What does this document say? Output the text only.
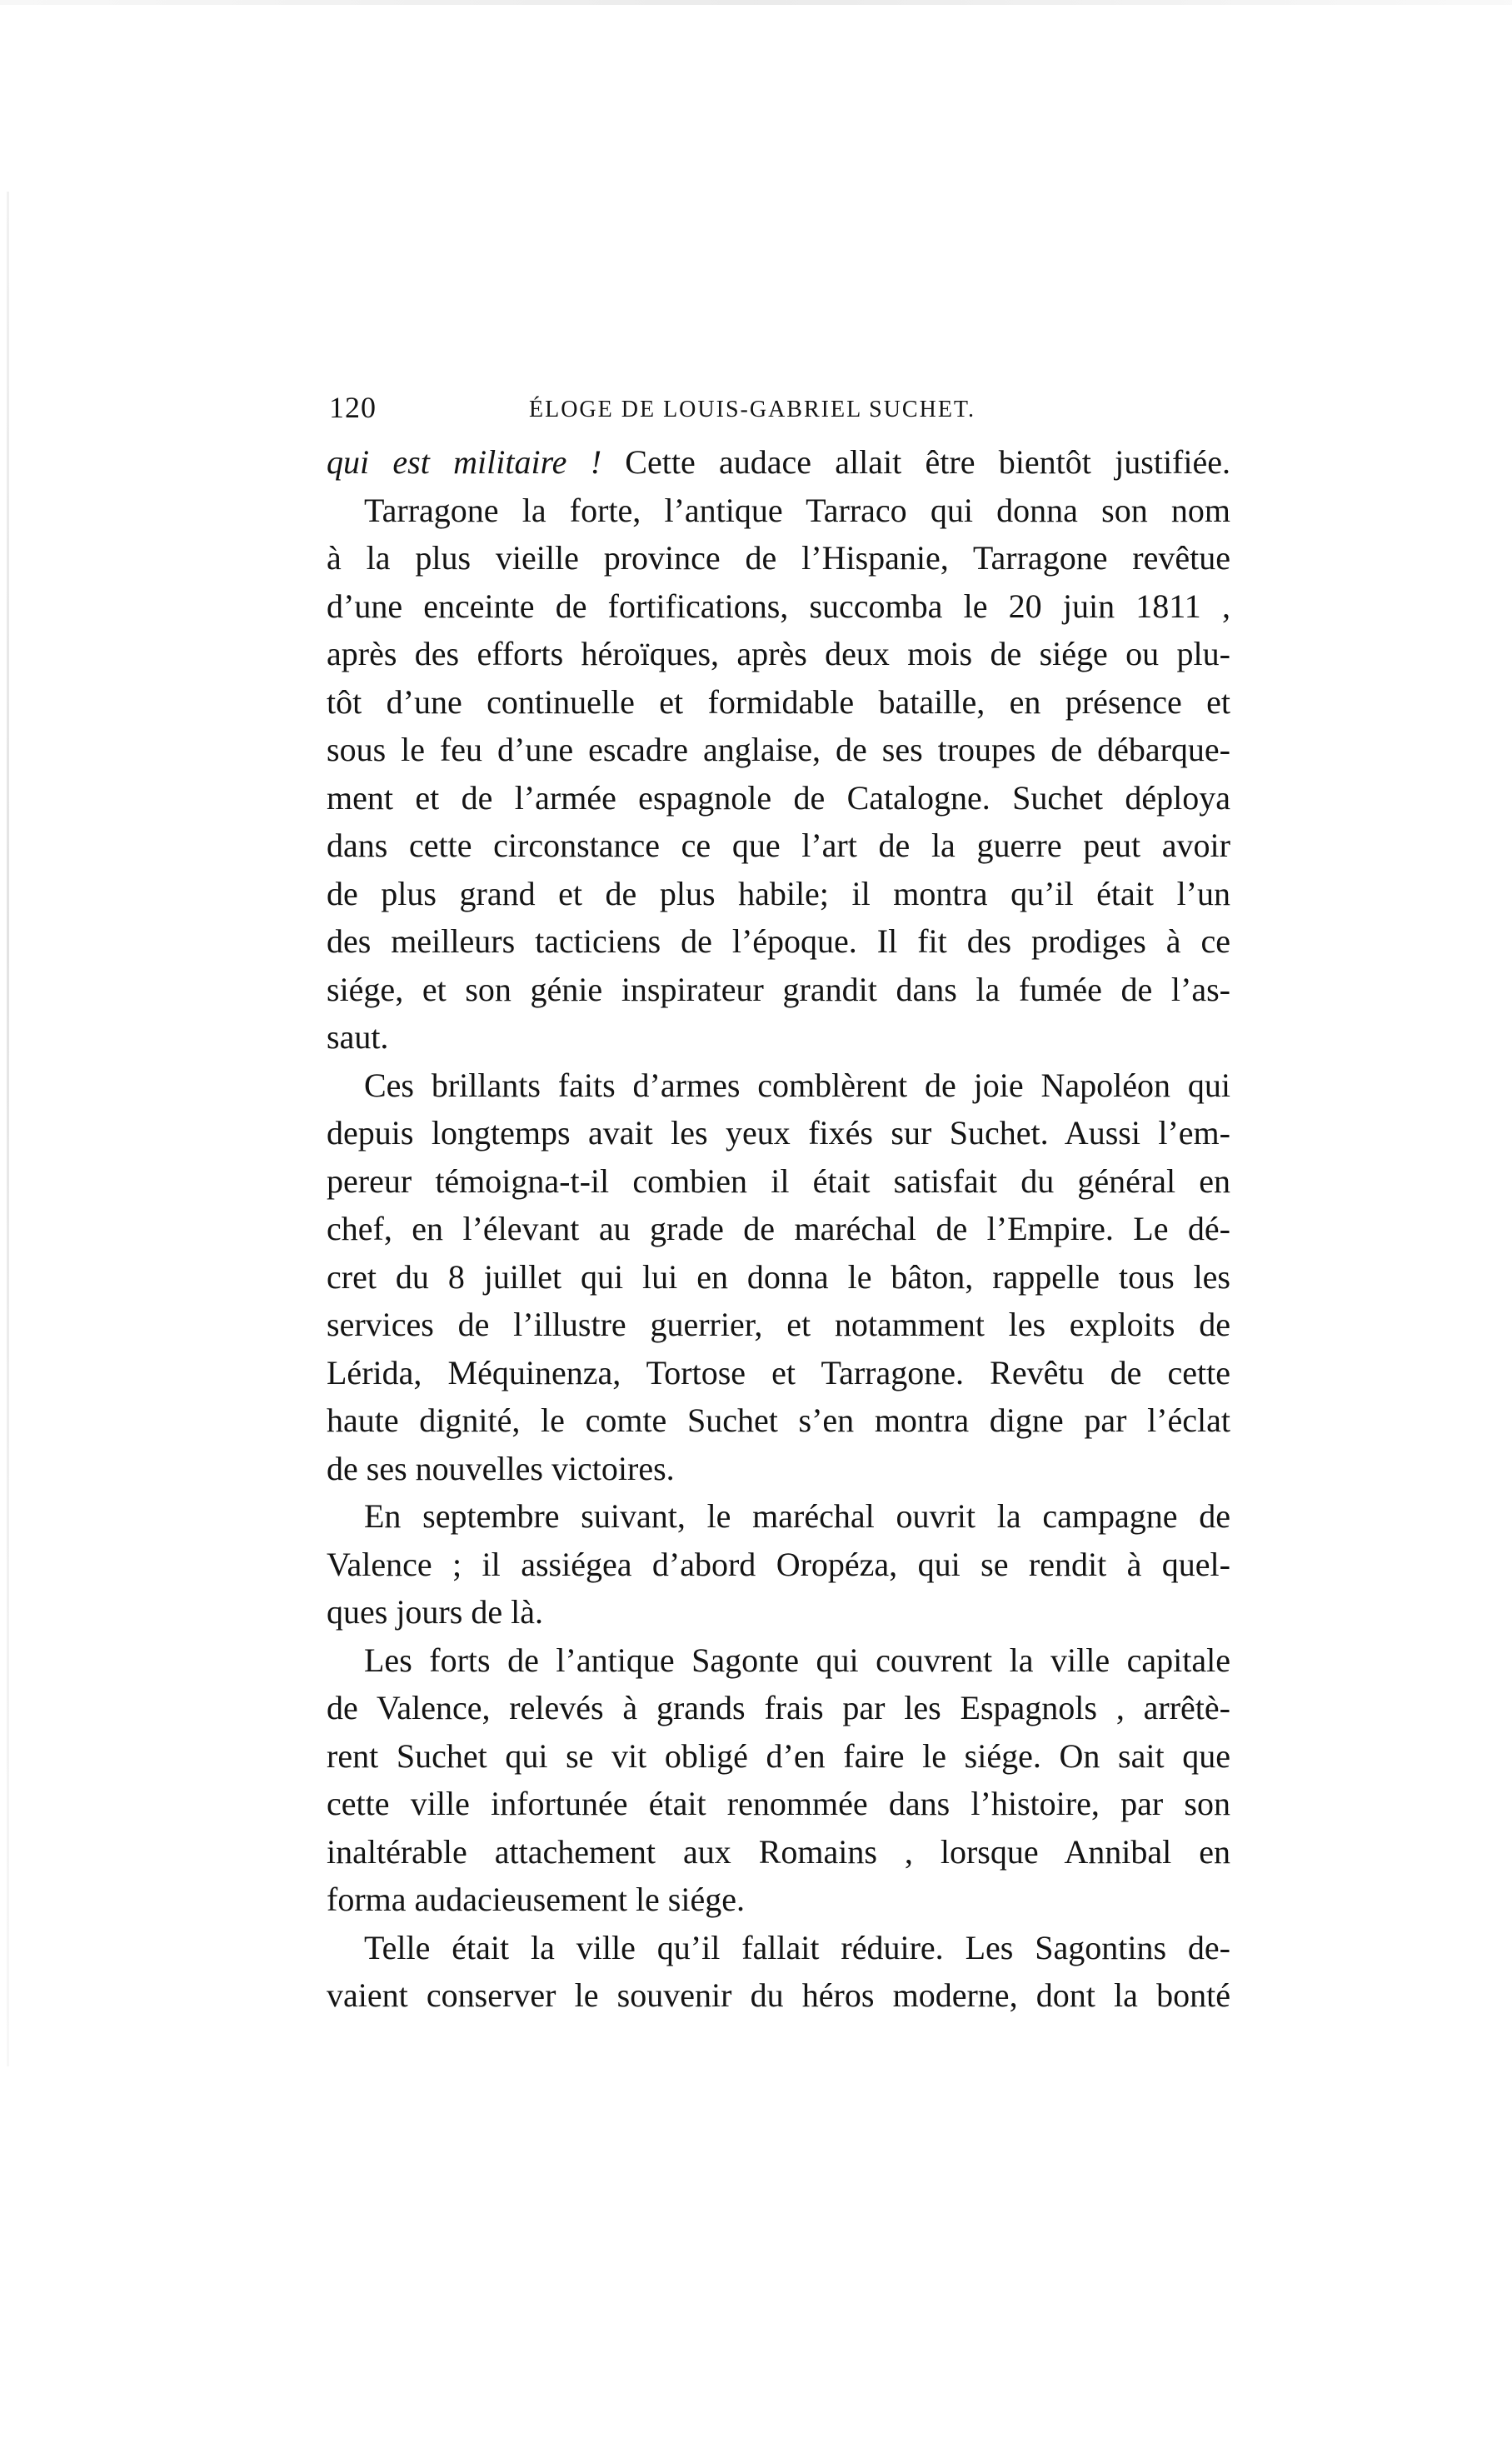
120	ÉLOGE DE LOUIS-GABRIEL SUCHET.
qui est militaire ! Cette audace allait être bientôt justifiée.
Tarragone la forte, l’antique Tarraco qui donna son nom
à la plus vieille province de l’Hispanie, Tarragone revêtue
d’une enceinte de fortifications, succomba le 20 juin 1811 ,
après des efforts héroïques, après deux mois de siége ou plu-
tôt d’une continuelle et formidable bataille, en présence et
sous le feu d’une escadre anglaise, de ses troupes de débarque-
ment et de l’armée espagnole de Catalogne. Suchet déploya
dans cette circonstance ce que l’art de la guerre peut avoir
de plus grand et de plus habile; il montra qu’il était l’un
des meilleurs tacticiens de l’époque. Il fit des prodiges à ce
siége, et son génie inspirateur grandit dans la fumée de l’as-
saut.
Ces brillants faits d’armes comblèrent de joie Napoléon qui
depuis longtemps avait les yeux fixés sur Suchet. Aussi l’em-
pereur témoigna-t-il combien il était satisfait du général en
chef, en l’élevant au grade de maréchal de l’Empire. Le dé-
cret du 8 juillet qui lui en donna le bâton, rappelle tous les
services de l’illustre guerrier, et notamment les exploits de
Lérida, Méquinenza, Tortose et Tarragone. Revêtu de cette
haute dignité, le comte Suchet s’en montra digne par l’éclat
de ses nouvelles victoires.
En septembre suivant, le maréchal ouvrit la campagne de
Valence ; il assiégea d’abord Oropéza, qui se rendit à quel-
ques jours de là.
Les forts de l’antique Sagonte qui couvrent la ville capitale
de Valence, relevés à grands frais par les Espagnols , arrêtè-
rent Suchet qui se vit obligé d’en faire le siége. On sait que
cette ville infortunée était renommée dans l’histoire, par son
inaltérable attachement aux Romains , lorsque Annibal en
forma audacieusement le siége.
Telle était la ville qu’il fallait réduire. Les Sagontins de-
vaient conserver le souvenir du héros moderne, dont la bonté
